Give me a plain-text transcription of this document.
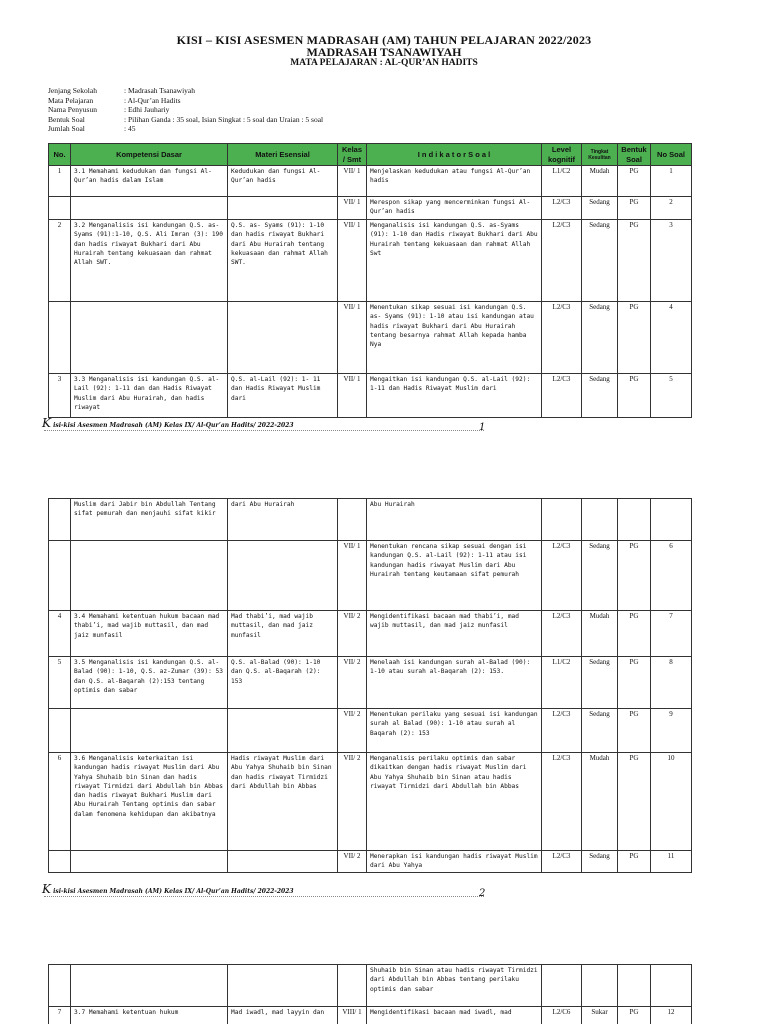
KISI – KISI ASESMEN MADRASAH (AM) TAHUN PELAJARAN 2022/2023
MADRASAH TSANAWIYAH
MATA PELAJARAN : AL-QUR’AN HADITS
Jenjang Sekolah	: Madrasah Tsanawiyah
Mata Pelajaran	: Al-Qur’an Hadits
Nama Penyusun	: Edhi Jauhariy
Bentuk Soal	: Pilihan Ganda : 35 soal, Isian Singkat : 5 soal dan Uraian : 5 soal
Jumlah Soal	: 45
No.	Kompetensi Dasar	Materi Esensial	Kelas / Smt	I n d i k a t o r S o a l	Level kognitif	Tingkat Kesulitan	Bentuk Soal	No Soal
1	3.1 Memahami kedudukan dan fungsi Al-Qur’an hadis dalam Islam	Kedudukan dan fungsi Al- Qur’an hadis	VII/ 1	Menjelaskan kedudukan atau fungsi Al-Qur’an hadis	L1/C2	Mudah	PG	1
			VII/ 1	Merespon sikap yang mencerminkan fungsi Al-Qur’an hadis	L2/C3	Sedang	PG	2
2	3.2 Menganalisis isi kandungan Q.S. as- Syams (91):1-10, Q.S. Ali Imran (3): 190 dan hadis riwayat Bukhari dari Abu Hurairah tentang kekuasaan dan rahmat Allah SWT.	Q.S. as- Syams (91): 1-10 dan hadis riwayat Bukhari dari Abu Hurairah tentang kekuasaan dan rahmat Allah SWT.	VII/ 1	Menganalisis isi kandungan Q.S. as-Syams (91): 1-10 dan Hadis riwayat Bukhari dari Abu Hurairah tentang kekuasaan dan rahmat Allah Swt	L2/C3	Sedang	PG	3
			VII/ 1	Menentukan sikap sesuai isi kandungan Q.S. as- Syams (91): 1-10 atau isi kandungan atau hadis riwayat Bukhari dari Abu Hurairah tentang besarnya rahmat Allah kepada hamba Nya	L2/C3	Sedang	PG	4
3	3.3 Menganalisis isi kandungan Q.S. al-Lail (92): 1-11 dan dan Hadis Riwayat Muslim dari Abu Hurairah, dan hadis riwayat	Q.S. al-Lail (92): 1- 11 dan Hadis Riwayat Muslim dari	VII/ 1	Mengaitkan isi kandungan Q.S. al-Lail (92): 1-11 dan Hadis Riwayat Muslim dari	L2/C3	Sedang	PG	5
K isi-kisi Asesmen Madrasah (AM) Kelas IX/ Al-Qur’an Hadits/ 2022-2023	1
	Muslim dari Jabir bin Abdullah Tentang sifat pemurah dan menjauhi sifat kikir	dari Abu Hurairah		Abu Hurairah				
			VII/ 1	Menentukan rencana sikap sesuai dengan isi kandungan Q.S. al-Lail (92): 1-11 atau isi kandungan hadis riwayat Muslim dari Abu Hurairah tentang keutamaan sifat pemurah	L2/C3	Sedang	PG	6
4	3.4 Memahami ketentuan hukum bacaan mad thabi’i, mad wajib muttasil, dan mad jaiz munfasil	Mad thabi’i, mad wajib muttasil, dan mad jaiz munfasil	VII/ 2	Mengidentifikasi bacaan mad thabi’i, mad wajib muttasil, dan mad jaiz munfasil	L2/C3	Mudah	PG	7
5	3.5 Menganalisis isi kandungan Q.S. al-Balad (90): 1-10, Q.S. az-Zumar (39): 53 dan Q.S. al-Baqarah (2):153 tentang optimis dan sabar	Q.S. al-Balad (90): 1-10 dan Q.S. al-Baqarah (2): 153	VII/ 2	Menelaah isi kandungan surah al-Balad (90): 1-10 atau surah al-Baqarah (2): 153.	L1/C2	Sedang	PG	8
			VII/ 2	Menentukan perilaku yang sesuai isi kandungan surah al Balad (90): 1-10 atau surah al Baqarah (2): 153	L2/C3	Sedang	PG	9
6	3.6 Menganalisis keterkaitan isi kandungan hadis riwayat Muslim dari Abu Yahya Shuhaib bin Sinan dan hadis riwayat Tirmidzi dari Abdullah bin Abbas dan hadis riwayat Bukhari Muslim dari Abu Hurairah Tentang optimis dan sabar dalam fenomena kehidupan dan akibatnya	Hadis riwayat Muslim dari Abu Yahya Shuhaib bin Sinan dan hadis riwayat Tirmidzi dari Abdullah bin Abbas	VII/ 2	Menganalisis perilaku optimis dan sabar dikaitkan dengan hadis riwayat Muslim dari Abu Yahya Shuhaib bin Sinan atau hadis riwayat Tirmidzi dari Abdullah bin Abbas	L2/C3	Mudah	PG	10
			VII/ 2	Menerapkan isi kandungan hadis riwayat Muslim dari Abu Yahya	L2/C3	Sedang	PG	11
K isi-kisi Asesmen Madrasah (AM) Kelas IX/ Al-Qur’an Hadits/ 2022-2023	2
				Shuhaib bin Sinan atau hadis riwayat Tirmidzi dari Abdullah bin Abbas tentang perilaku optimis dan sabar				
7	3.7 Memahami ketentuan hukum	Mad iwadl, mad layyin dan	VIII/ 1	Mengidentifikasi bacaan mad iwadl, mad	L2/C6	Sukar	PG	12
